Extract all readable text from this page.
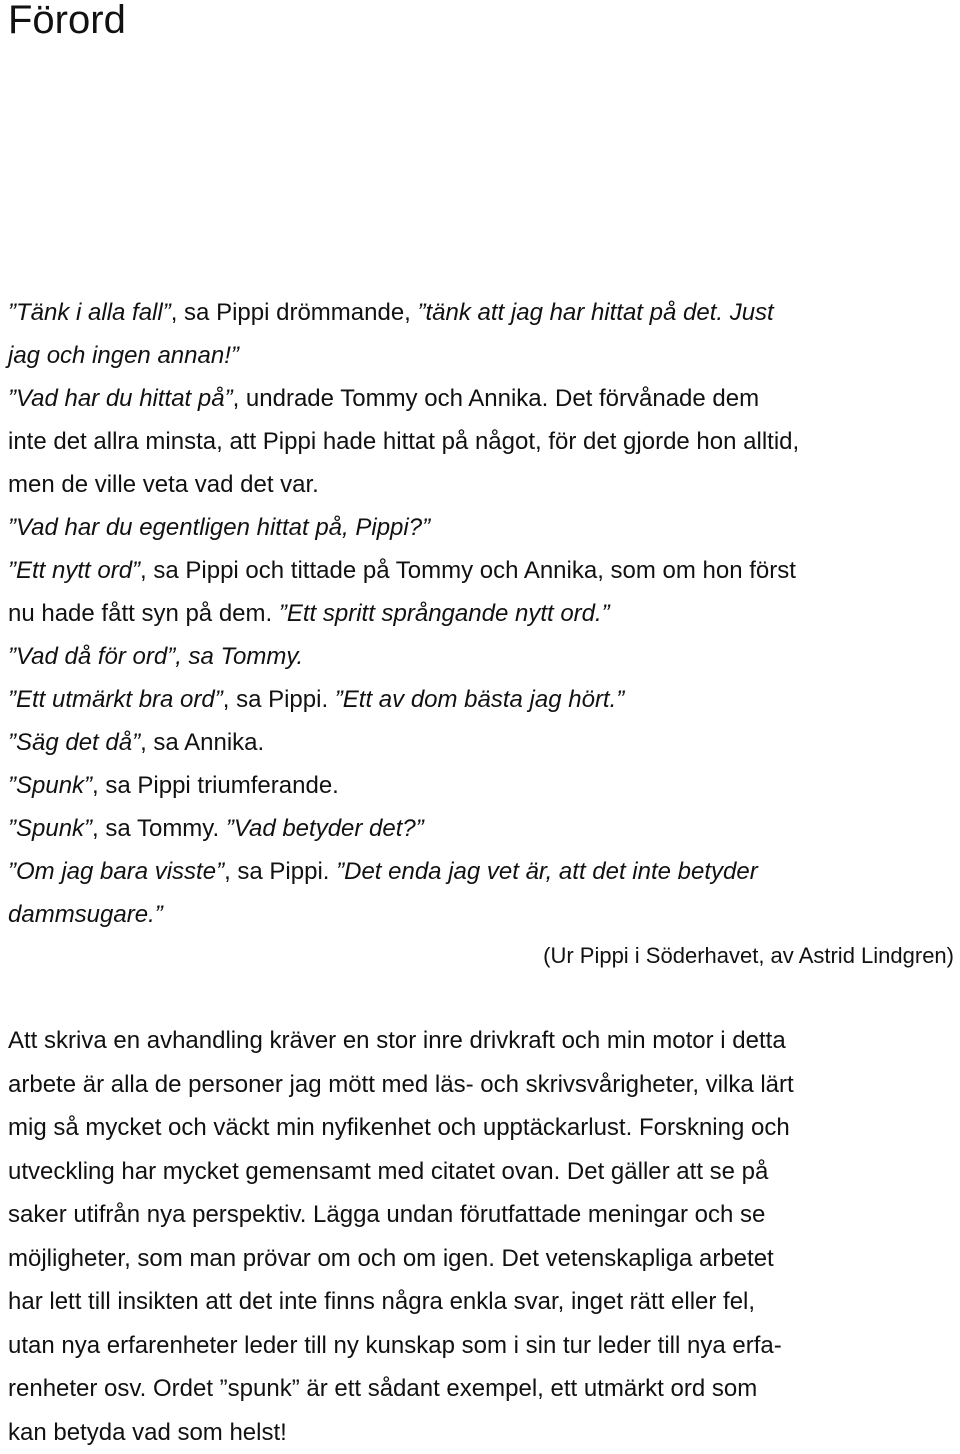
Förord
”Tänk i alla fall”, sa Pippi drömmande, ”tänk att jag har hittat på det. Just
jag och ingen annan!”
”Vad har du hittat på”, undrade Tommy och Annika. Det förvånade dem
inte det allra minsta, att Pippi hade hittat på något, för det gjorde hon alltid,
men de ville veta vad det var.
”Vad har du egentligen hittat på, Pippi?”
”Ett nytt ord”, sa Pippi och tittade på Tommy och Annika, som om hon först
nu hade fått syn på dem. ”Ett spritt språngande nytt ord.”
”Vad då för ord”, sa Tommy.
”Ett utmärkt bra ord”, sa Pippi. ”Ett av dom bästa jag hört.”
”Säg det då”, sa Annika.
”Spunk”, sa Pippi triumferande.
”Spunk”, sa Tommy. ”Vad betyder det?”
”Om jag bara visste”, sa Pippi. ”Det enda jag vet är, att det inte betyder
dammsugare.”
(Ur Pippi i Söderhavet, av Astrid Lindgren)
Att skriva en avhandling kräver en stor inre drivkraft och min motor i detta
arbete är alla de personer jag mött med läs- och skrivsvårigheter, vilka lärt
mig så mycket och väckt min nyfikenhet och upptäckarlust. Forskning och
utveckling har mycket gemensamt med citatet ovan. Det gäller att se på
saker utifrån nya perspektiv. Lägga undan förutfattade meningar och se
möjligheter, som man prövar om och om igen. Det vetenskapliga arbetet
har lett till insikten att det inte finns några enkla svar, inget rätt eller fel,
utan nya erfarenheter leder till ny kunskap som i sin tur leder till nya erfa-
renheter osv. Ordet ”spunk” är ett sådant exempel, ett utmärkt ord som
kan betyda vad som helst!
